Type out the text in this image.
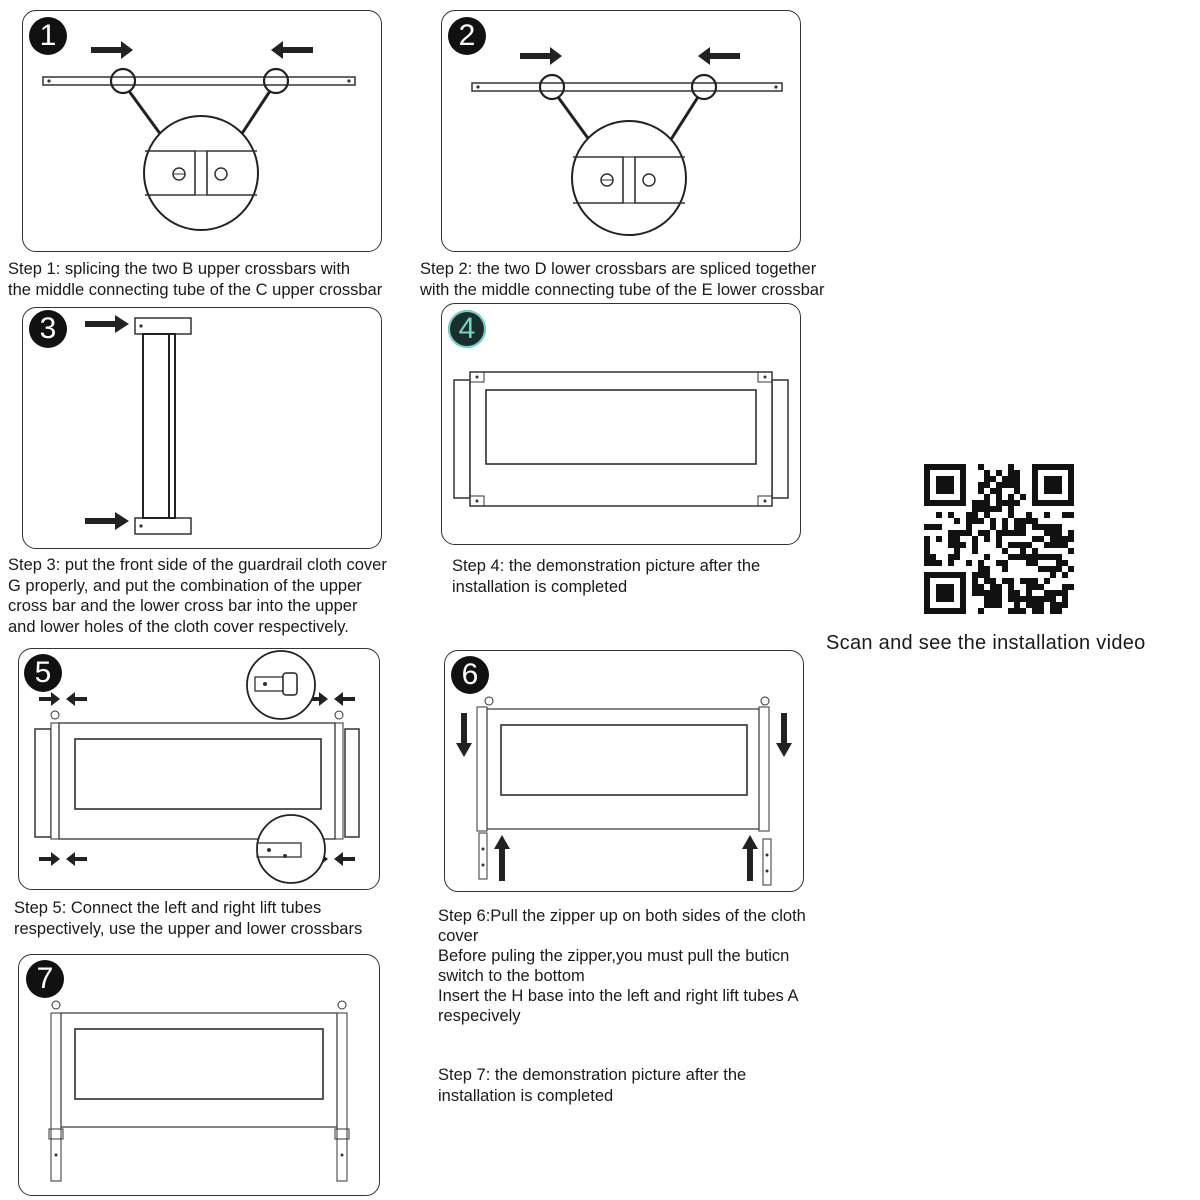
1
Step 1: splicing the two B upper crossbars with
the middle connecting tube of the C upper crossbar
2
Step 2: the two D lower crossbars are spliced together
with the middle connecting tube of the E lower crossbar
3
Step 3: put the front side of the guardrail cloth cover
G properly, and put the combination of the upper
cross bar and the lower cross bar into the upper
and lower holes of the cloth cover respectively.
4
Step 4: the demonstration picture after the
installation is completed
Scan and see the installation video
5
Step 5: Connect the left and right lift tubes
respectively, use the upper and lower crossbars
6
Step 6:Pull the zipper up on both sides of the cloth
cover
Before puling the zipper,you must pull the buticn
switch to the bottom
Insert the H base into the left and right lift tubes A
respecively
7
Step 7: the demonstration picture after the
installation is completed
